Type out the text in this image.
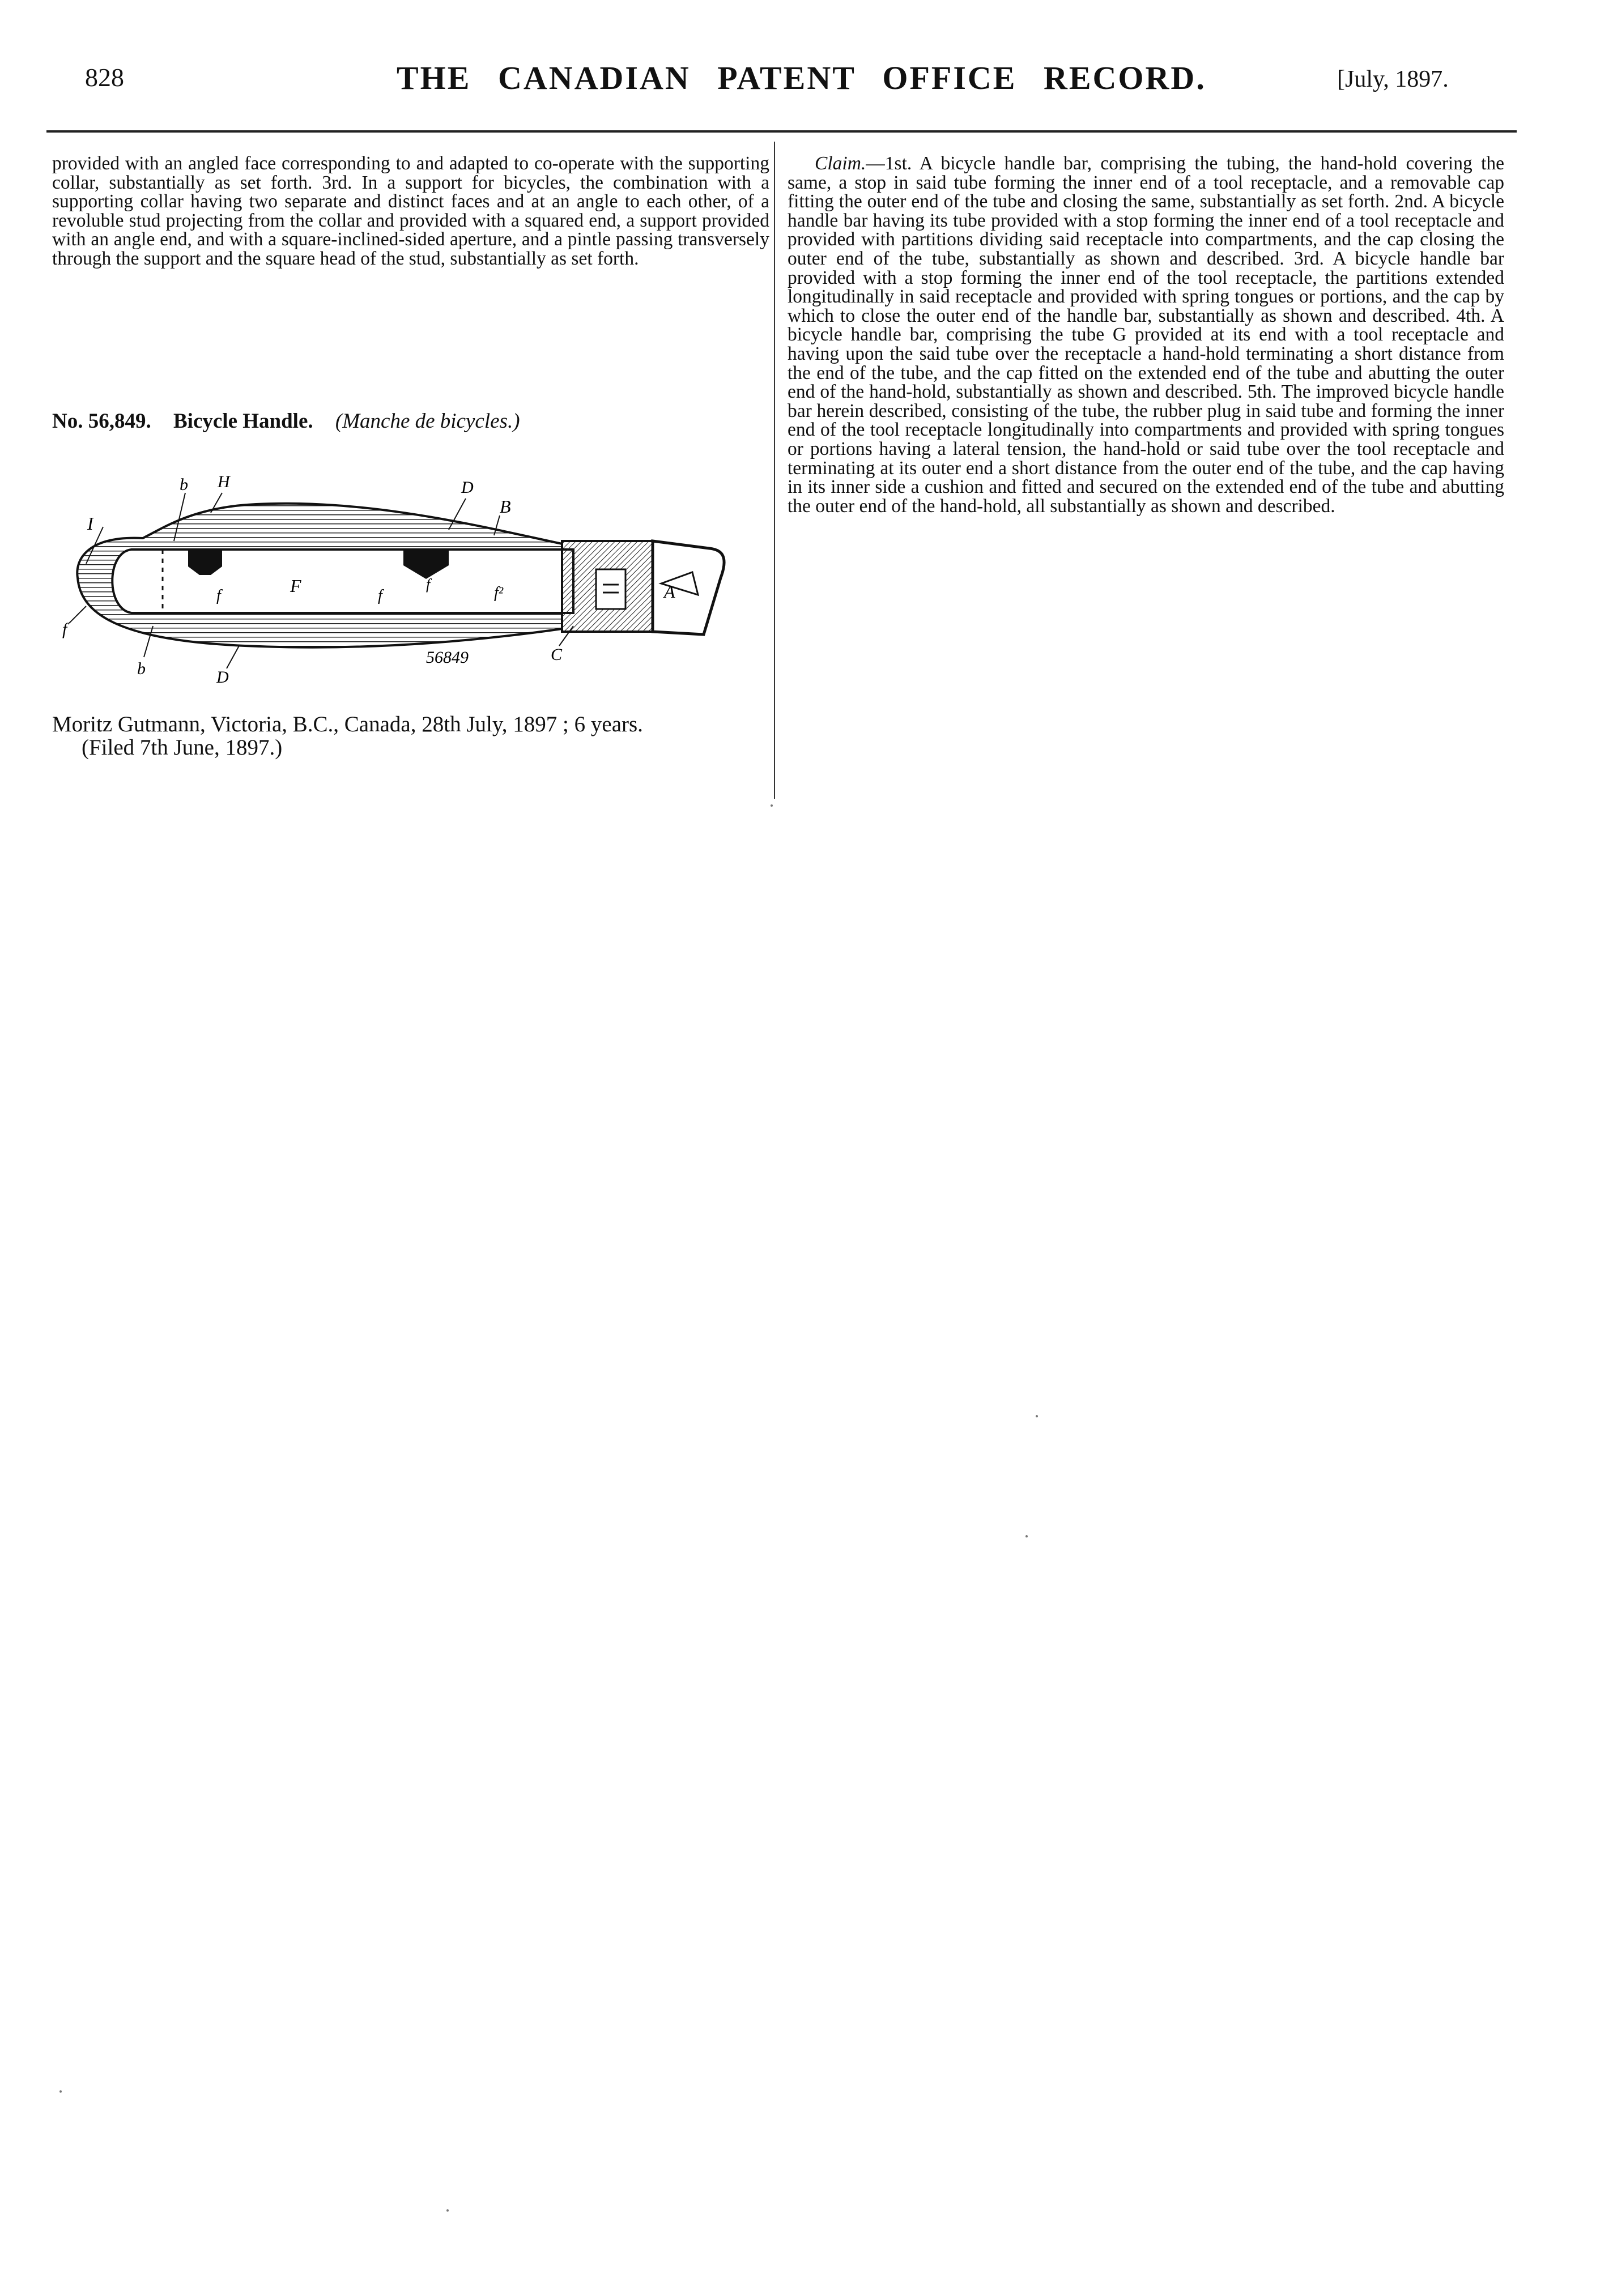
828	THE CANADIAN PATENT OFFICE RECORD.	[July, 1897.
provided with an angled face corresponding to and adapted to co-operate with the supporting collar, substantially as set forth. 3rd. In a support for bicycles, the combination with a supporting collar having two separate and distinct faces and at an angle to each other, of a revoluble stud projecting from the collar and provided with a squared end, a support provided with an angle end, and with a square-inclined-sided aperture, and a pintle passing transversely through the support and the square head of the stud, substantially as set forth.
No. 56,849. Bicycle Handle. (Manche de bicycles.)
b H	D
B
I
f	F	f	f²	A
b	D
C
f
f
56849
Moritz Gutmann, Victoria, B.C., Canada, 28th July, 1897 ; 6 years.
(Filed 7th June, 1897.)
Claim.—1st. A bicycle handle bar, comprising the tubing, the hand-hold covering the same, a stop in said tube forming the inner end of a tool receptacle, and a removable cap fitting the outer end of the tube and closing the same, substantially as set forth. 2nd. A bicycle handle bar having its tube provided with a stop forming the inner end of a tool receptacle and provided with partitions dividing said receptacle into compartments, and the cap closing the outer end of the tube, substantially as shown and described. 3rd. A bicycle handle bar provided with a stop forming the inner end of the tool receptacle, the partitions extended longitudinally in said receptacle and provided with spring tongues or portions, and the cap by which to close the outer end of the handle bar, substantially as shown and described. 4th. A bicycle handle bar, comprising the tube G provided at its end with a tool receptacle and having upon the said tube over the receptacle a hand-hold terminating a short distance from the end of the tube, and the cap fitted on the extended end of the tube and abutting the outer end of the hand-hold, substantially as shown and described. 5th. The improved bicycle handle bar herein described, consisting of the tube, the rubber plug in said tube and forming the inner end of the tool receptacle longitudinally into compartments and provided with spring tongues or portions having a lateral tension, the hand-hold or said tube over the tool receptacle and terminating at its outer end a short distance from the outer end of the tube, and the cap having in its inner side a cushion and fitted and secured on the extended end of the tube and abutting the outer end of the hand-hold, all substantially as shown and described.
